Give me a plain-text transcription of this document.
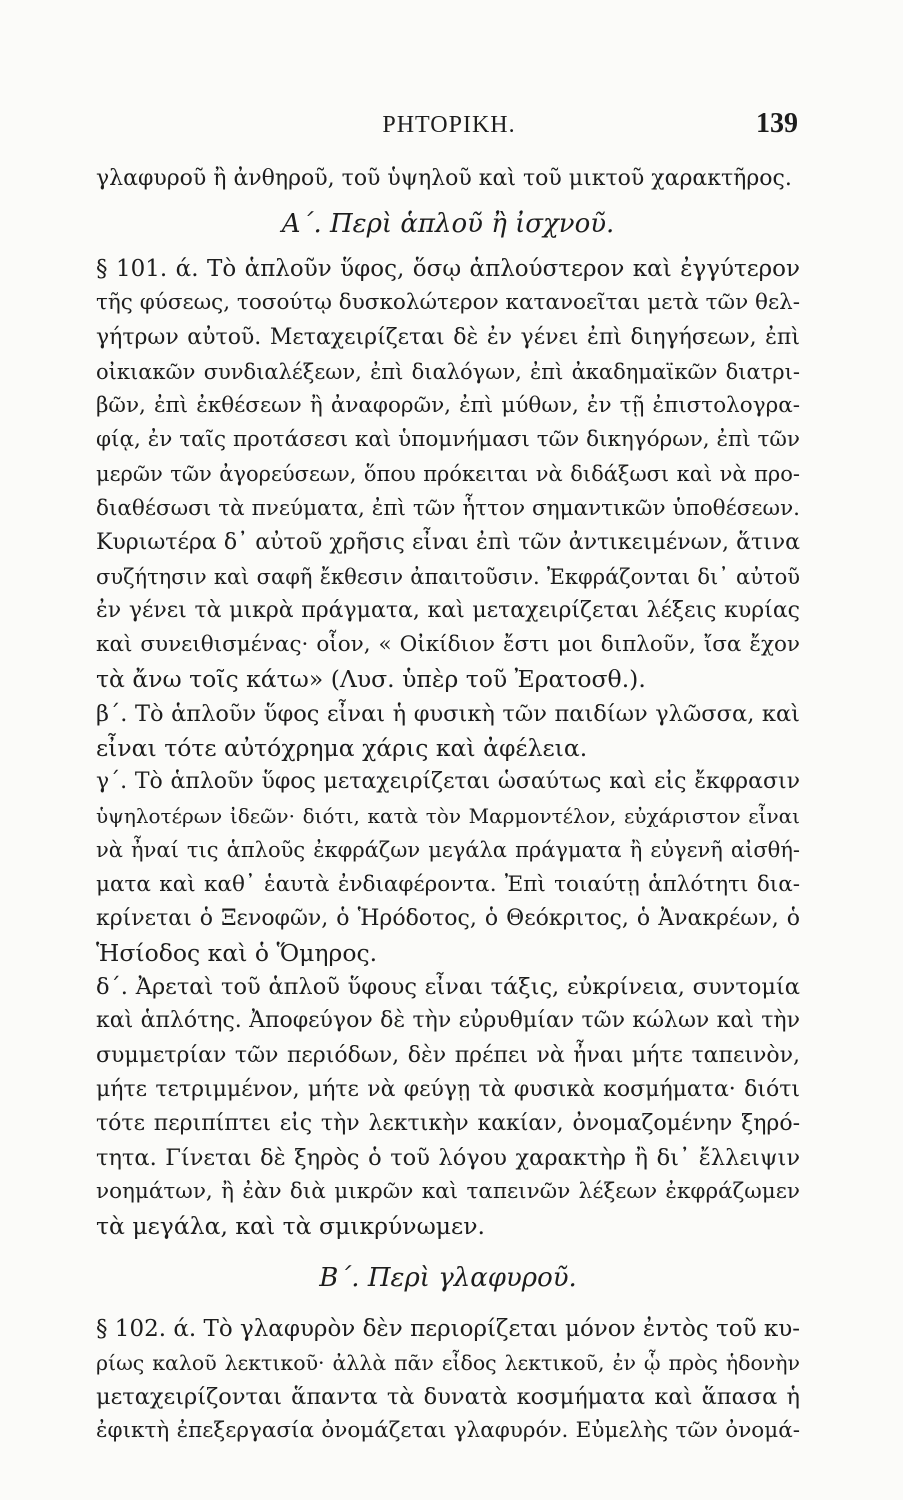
ΡΗΤΟΡΙΚΗ.	139
γλαφυροῦ ἢ ἀνθηροῦ, τοῦ ὑψηλοῦ καὶ τοῦ μικτοῦ χαρακτῆρος.
Α΄. Περὶ ἁπλοῦ ἢ ἰσχνοῦ.
§ 101. ά. Τὸ ἁπλοῦν ὕφος, ὅσῳ ἁπλούστερον καὶ ἐγγύτερον
τῆς φύσεως, τοσούτῳ δυσκολώτερον κατανοεῖται μετὰ τῶν θελ-
γήτρων αὐτοῦ. Μεταχειρίζεται δὲ ἐν γένει ἐπὶ διηγήσεων, ἐπὶ
οἰκιακῶν συνδιαλέξεων, ἐπὶ διαλόγων, ἐπὶ ἀκαδημαϊκῶν διατρι-
βῶν, ἐπὶ ἐκθέσεων ἢ ἀναφορῶν, ἐπὶ μύθων, ἐν τῇ ἐπιστολογρα-
φίᾳ, ἐν ταῖς προτάσεσι καὶ ὑπομνήμασι τῶν δικηγόρων, ἐπὶ τῶν
μερῶν τῶν ἀγορεύσεων, ὅπου πρόκειται νὰ διδάξωσι καὶ νὰ προ-
διαθέσωσι τὰ πνεύματα, ἐπὶ τῶν ἧττον σημαντικῶν ὑποθέσεων.
Κυριωτέρα δ᾽ αὐτοῦ χρῆσις εἶναι ἐπὶ τῶν ἀντικειμένων, ἅτινα
συζήτησιν καὶ σαφῆ ἔκθεσιν ἀπαιτοῦσιν. Ἐκφράζονται δι᾽ αὐτοῦ
ἐν γένει τὰ μικρὰ πράγματα, καὶ μεταχειρίζεται λέξεις κυρίας
καὶ συνειθισμένας· οἷον, « Οἰκίδιον ἔστι μοι διπλοῦν, ἴσα ἔχον
τὰ ἄνω τοῖς κάτω» (Λυσ. ὑπὲρ τοῦ Ἐρατοσθ.).
β΄. Τὸ ἁπλοῦν ὕφος εἶναι ἡ φυσικὴ τῶν παιδίων γλῶσσα, καὶ
εἶναι τότε αὐτόχρημα χάρις καὶ ἀφέλεια.
γ΄. Τὸ ἁπλοῦν ὕφος μεταχειρίζεται ὡσαύτως καὶ εἰς ἔκφρασιν
ὑψηλοτέρων ἰδεῶν· διότι, κατὰ τὸν Μαρμοντέλον, εὐχάριστον εἶναι
νὰ ἦναί τις ἁπλοῦς ἐκφράζων μεγάλα πράγματα ἢ εὐγενῆ αἰσθή-
ματα καὶ καθ᾽ ἑαυτὰ ἐνδιαφέροντα. Ἐπὶ τοιαύτῃ ἁπλότητι δια-
κρίνεται ὁ Ξενοφῶν, ὁ Ἡρόδοτος, ὁ Θεόκριτος, ὁ Ἀνακρέων, ὁ
Ἡσίοδος καὶ ὁ Ὅμηρος.
δ΄. Ἀρεταὶ τοῦ ἁπλοῦ ὕφους εἶναι τάξις, εὐκρίνεια, συντομία
καὶ ἁπλότης. Ἀποφεύγον δὲ τὴν εὐρυθμίαν τῶν κώλων καὶ τὴν
συμμετρίαν τῶν περιόδων, δὲν πρέπει νὰ ἦναι μήτε ταπεινὸν,
μήτε τετριμμένον, μήτε νὰ φεύγῃ τὰ φυσικὰ κοσμήματα· διότι
τότε περιπίπτει εἰς τὴν λεκτικὴν κακίαν, ὀνομαζομένην ξηρό-
τητα. Γίνεται δὲ ξηρὸς ὁ τοῦ λόγου χαρακτὴρ ἢ δι᾽ ἔλλειψιν
νοημάτων, ἢ ἐὰν διὰ μικρῶν καὶ ταπεινῶν λέξεων ἐκφράζωμεν
τὰ μεγάλα, καὶ τὰ σμικρύνωμεν.
Β΄. Περὶ γλαφυροῦ.
§ 102. ά. Τὸ γλαφυρὸν δὲν περιορίζεται μόνον ἐντὸς τοῦ κυ-
ρίως καλοῦ λεκτικοῦ· ἀλλὰ πᾶν εἶδος λεκτικοῦ, ἐν ᾧ πρὸς ἡδονὴν
μεταχειρίζονται ἅπαντα τὰ δυνατὰ κοσμήματα καὶ ἅπασα ἡ
ἐφικτὴ ἐπεξεργασία ὀνομάζεται γλαφυρόν. Εὐμελὴς τῶν ὀνομά-
